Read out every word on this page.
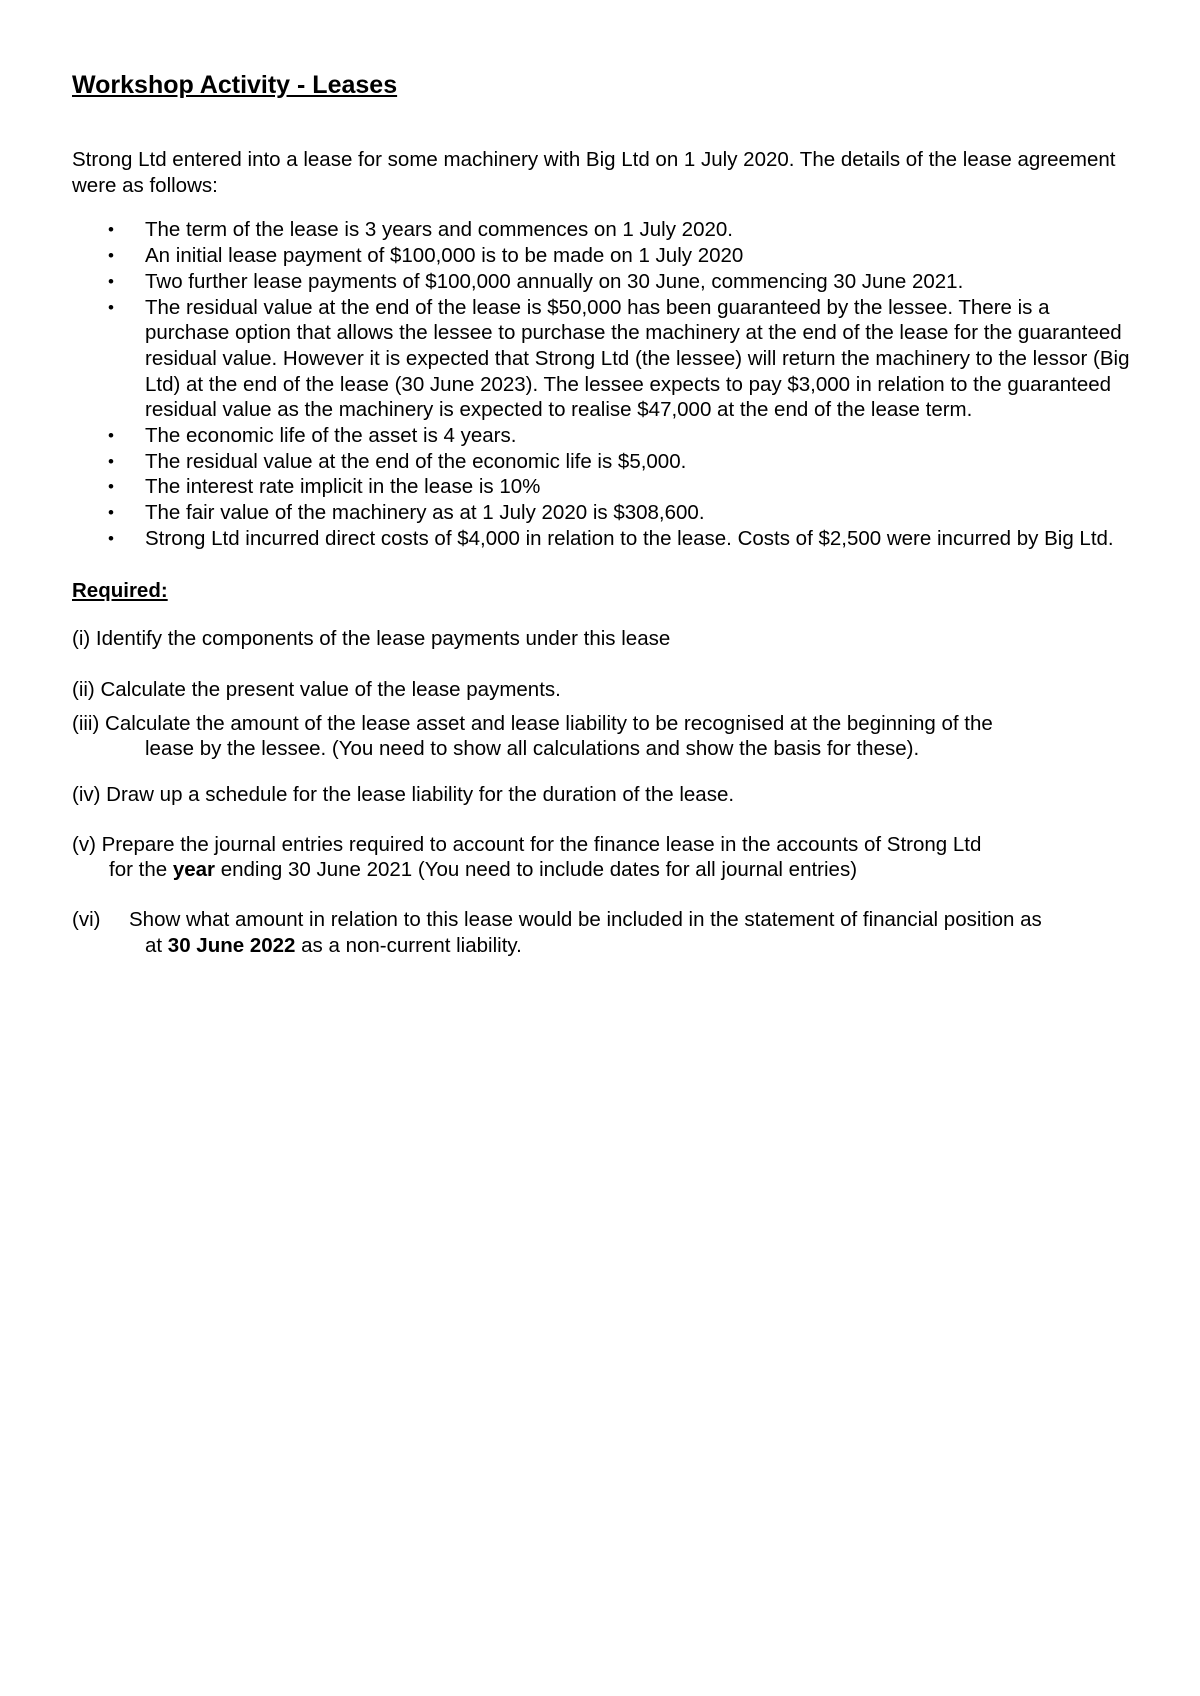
Workshop Activity - Leases

Strong Ltd entered into a lease for some machinery with Big Ltd on 1 July 2020. The details of the lease agreement were as follows:

• The term of the lease is 3 years and commences on 1 July 2020.
• An initial lease payment of $100,000 is to be made on 1 July 2020
• Two further lease payments of $100,000 annually on 30 June, commencing 30 June 2021.
• The residual value at the end of the lease is $50,000 has been guaranteed by the lessee. There is a purchase option that allows the lessee to purchase the machinery at the end of the lease for the guaranteed residual value. However it is expected that Strong Ltd (the lessee) will return the machinery to the lessor (Big Ltd) at the end of the lease (30 June 2023). The lessee expects to pay $3,000 in relation to the guaranteed residual value as the machinery is expected to realise $47,000 at the end of the lease term.
• The economic life of the asset is 4 years.
• The residual value at the end of the economic life is $5,000.
• The interest rate implicit in the lease is 10%
• The fair value of the machinery as at 1 July 2020 is $308,600.
• Strong Ltd incurred direct costs of $4,000 in relation to the lease. Costs of $2,500 were incurred by Big Ltd.

Required:

(i) Identify the components of the lease payments under this lease

(ii) Calculate the present value of the lease payments.

(iii) Calculate the amount of the lease asset and lease liability to be recognised at the beginning of the
lease by the lessee. (You need to show all calculations and show the basis for these).

(iv) Draw up a schedule for the lease liability for the duration of the lease.

(v) Prepare the journal entries required to account for the finance lease in the accounts of Strong Ltd
for the year ending 30 June 2021 (You need to include dates for all journal entries)

(vi) Show what amount in relation to this lease would be included in the statement of financial position as
at 30 June 2022 as a non-current liability.
